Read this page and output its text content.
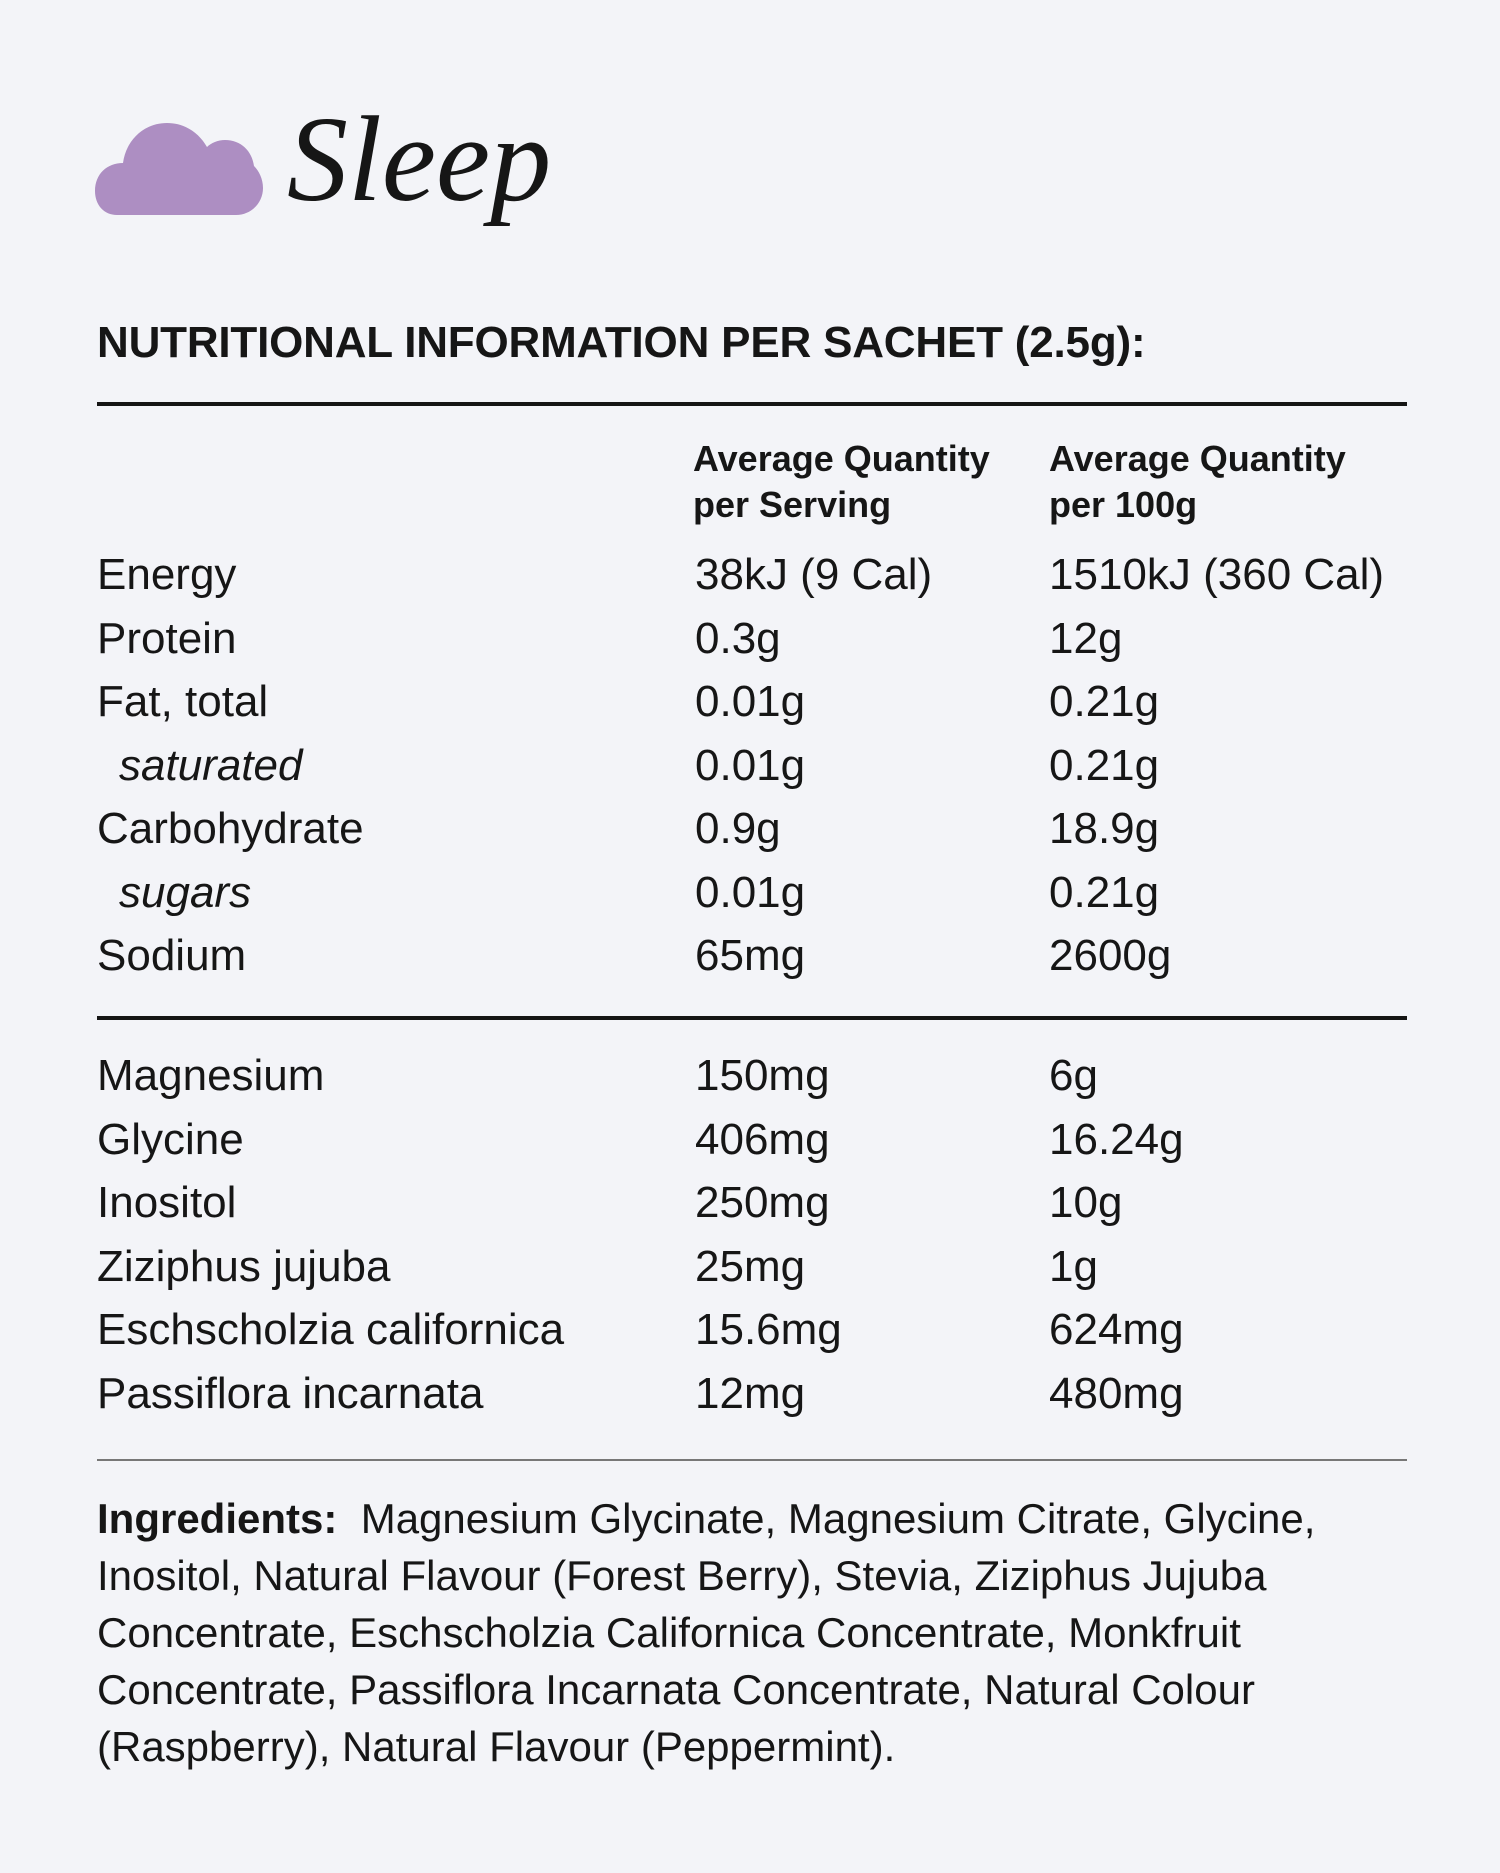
Sleep
NUTRITIONAL INFORMATION PER SACHET (2.5g):
Average Quantity per Serving
Average Quantity per 100g
Energy	38kJ (9 Cal)	1510kJ (360 Cal)
Protein	0.3g	12g
Fat, total	0.01g	0.21g
saturated	0.01g	0.21g
Carbohydrate	0.9g	18.9g
sugars	0.01g	0.21g
Sodium	65mg	2600g
Magnesium	150mg	6g
Glycine	406mg	16.24g
Inositol	250mg	10g
Ziziphus jujuba	25mg	1g
Eschscholzia californica	15.6mg	624mg
Passiflora incarnata	12mg	480mg
Ingredients: Magnesium Glycinate, Magnesium Citrate, Glycine, Inositol, Natural Flavour (Forest Berry), Stevia, Ziziphus Jujuba Concentrate, Eschscholzia Californica Concentrate, Monkfruit Concentrate, Passiflora Incarnata Concentrate, Natural Colour (Raspberry), Natural Flavour (Peppermint).
